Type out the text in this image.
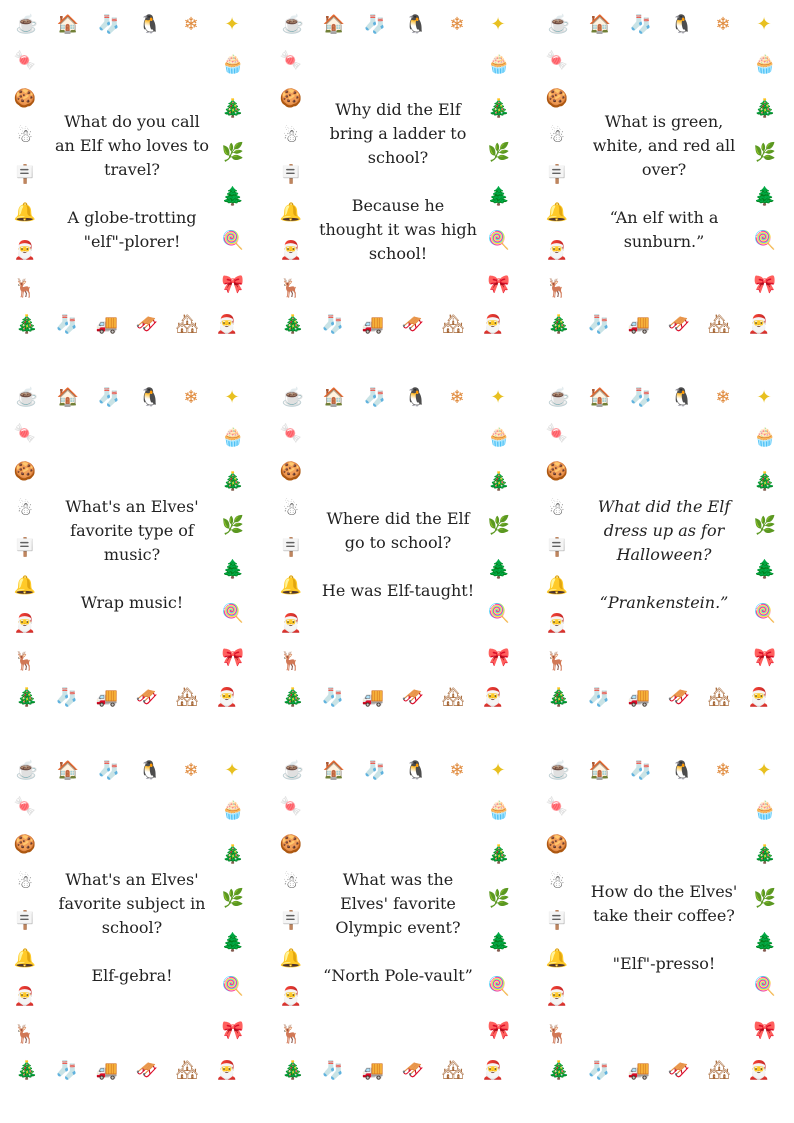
☕ 🏠 🧦 🐧	❄	✦
🍬
🍪
☃
🪧
🔔
🎅
🦌
🧁
🎄
🌿
🌲
🍭
🎀
🎄 🧦 🚚 🛷 🏘 🎅
What do you call an Elf who loves to travel?
A globe-trotting "elf"-plorer!
☕ 🏠 🧦 🐧	❄	✦
🍬
🍪
☃
🪧
🔔
🎅
🦌
🧁
🎄
🌿
🌲
🍭
🎀
🎄 🧦 🚚 🛷 🏘 🎅
Why did the Elf bring a ladder to school?
Because he thought it was high school!
☕ 🏠 🧦 🐧	❄	✦
🍬
🍪
☃
🪧
🔔
🎅
🦌
🧁
🎄
🌿
🌲
🍭
🎀
🎄 🧦 🚚 🛷 🏘 🎅
What is green, white, and red all over?
“An elf with a sunburn.”
☕ 🏠 🧦 🐧	❄	✦
🍬
🍪
☃
🪧
🔔
🎅
🦌
🧁
🎄
🌿
🌲
🍭
🎀
🎄 🧦 🚚 🛷 🏘 🎅
What's an Elves' favorite type of music?
Wrap music!
☕ 🏠 🧦 🐧	❄	✦
🍬
🍪
☃
🪧
🔔
🎅
🦌
🧁
🎄
🌿
🌲
🍭
🎀
🎄 🧦 🚚 🛷 🏘 🎅
Where did the Elf go to school?
He was Elf-taught!
☕ 🏠 🧦 🐧	❄	✦
🍬
🍪
☃
🪧
🔔
🎅
🦌
🧁
🎄
🌿
🌲
🍭
🎀
🎄 🧦 🚚 🛷 🏘 🎅
What did the Elf dress up as for Halloween?
“Prankenstein.”
☕ 🏠 🧦 🐧	❄	✦
🍬
🍪
☃
🪧
🔔
🎅
🦌
🧁
🎄
🌿
🌲
🍭
🎀
🎄 🧦 🚚 🛷 🏘 🎅
What's an Elves' favorite subject in school?
Elf-gebra!
☕ 🏠 🧦 🐧	❄	✦
🍬
🍪
☃
🪧
🔔
🎅
🦌
🧁
🎄
🌿
🌲
🍭
🎀
🎄 🧦 🚚 🛷 🏘 🎅
What was the Elves' favorite Olympic event?
“North Pole-vault”
☕ 🏠 🧦 🐧	❄	✦
🍬
🍪
☃
🪧
🔔
🎅
🦌
🧁
🎄
🌿
🌲
🍭
🎀
🎄 🧦 🚚 🛷 🏘 🎅
How do the Elves' take their coffee?
"Elf"-presso!
